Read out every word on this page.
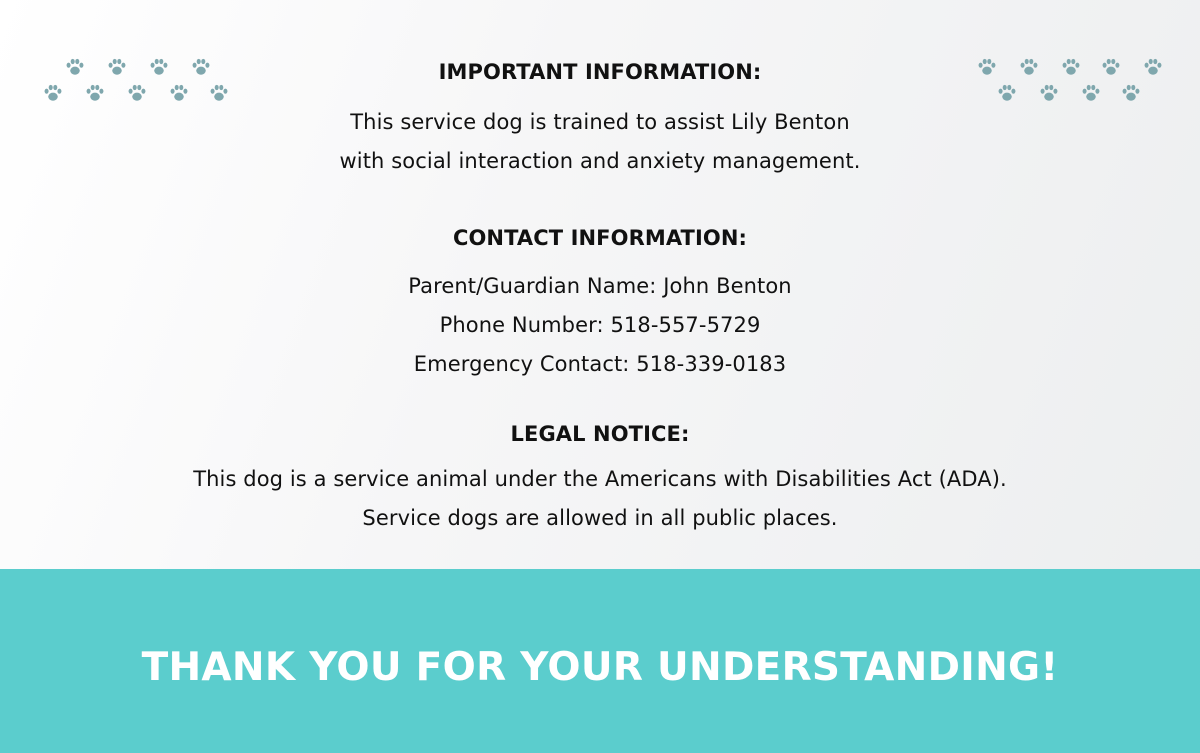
IMPORTANT INFORMATION:

This service dog is trained to assist Lily Benton

with social interaction and anxiety management.

CONTACT INFORMATION:

Parent/Guardian Name: John Benton

Phone Number: 518-557-5729

Emergency Contact: 518-339-0183

LEGAL NOTICE:

This dog is a service animal under the Americans with Disabilities Act (ADA).

Service dogs are allowed in all public places.

THANK YOU FOR YOUR UNDERSTANDING!
